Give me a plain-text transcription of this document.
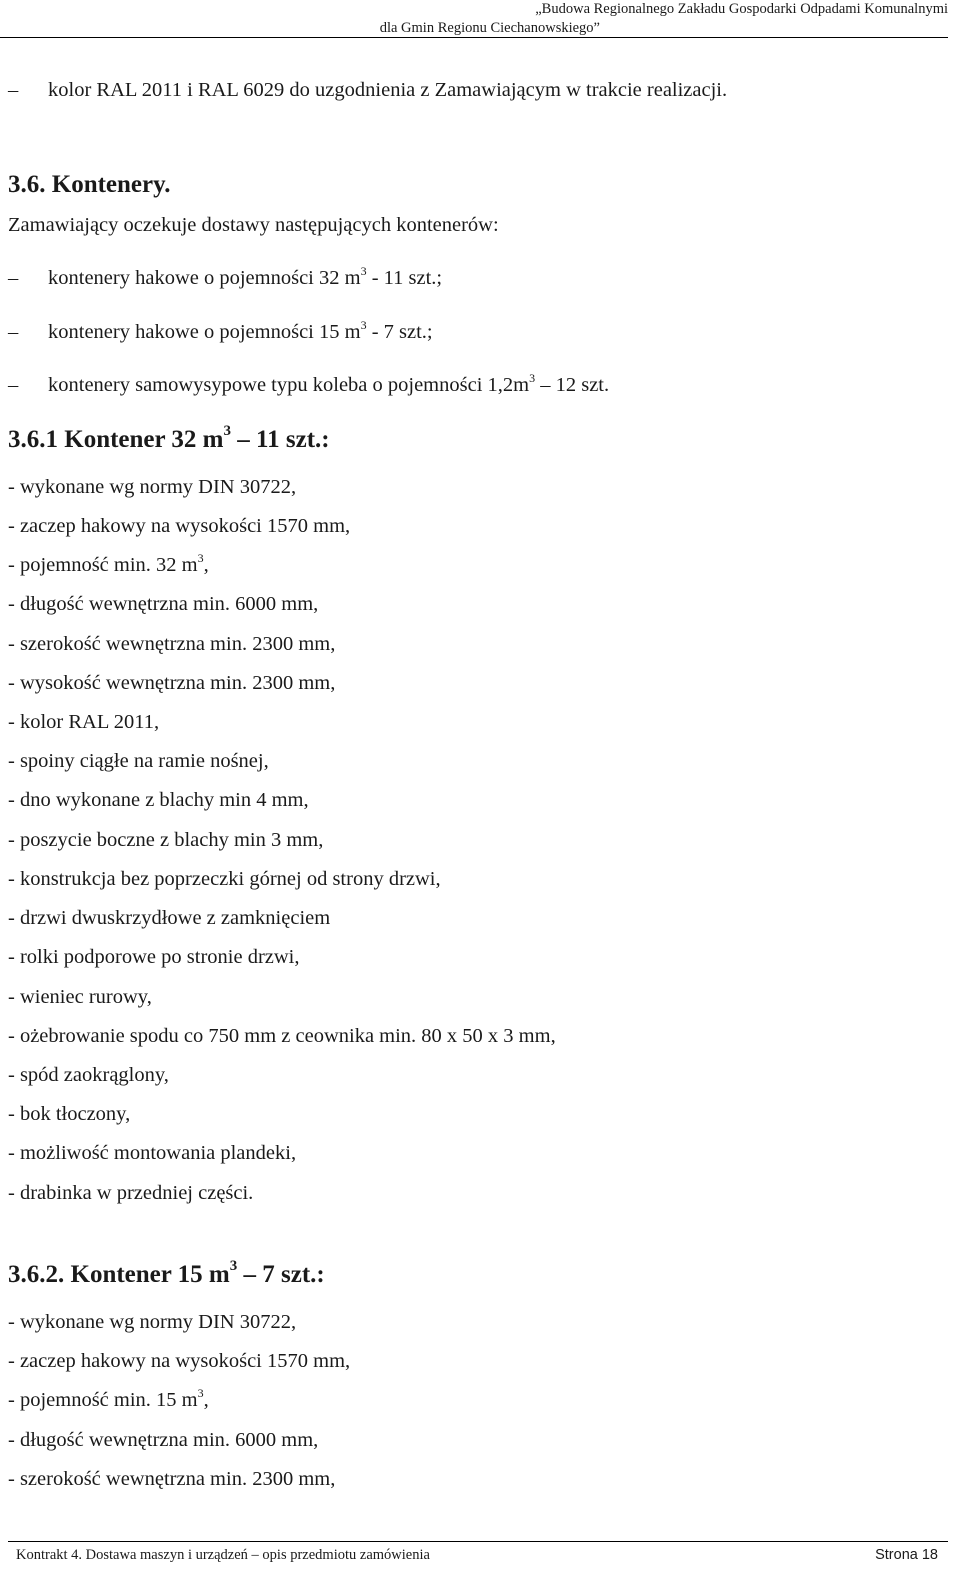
„Budowa Regionalnego Zakładu Gospodarki Odpadami Komunalnymi
dla Gmin Regionu Ciechanowskiego”
– kolor RAL 2011 i RAL 6029 do uzgodnienia z Zamawiającym w trakcie realizacji.
3.6. Kontenery.
Zamawiający oczekuje dostawy następujących kontenerów:
– kontenery hakowe o pojemności 32 $m^3 - 11$ szt.;
– kontenery hakowe o pojemności 15 $m^3 - 7$ szt.;
– kontenery samowysypowe typu koleba o pojemności $1,2m^3 - 12$ szt.
3.6.1 Kontener 32 $m^3 - 11$ szt.:
- wykonane wg normy DIN 30722,
- zaczep hakowy na wysokości 1570 mm,
- pojemność min. 32 $m^3$,
- długość wewnętrzna min. 6000 mm,
- szerokość wewnętrzna min. 2300 mm,
- wysokość wewnętrzna min. 2300 mm,
- kolor RAL 2011,
- spoiny ciągłe na ramie nośnej,
- dno wykonane z blachy min 4 mm,
- poszycie boczne z blachy min 3 mm,
- konstrukcja bez poprzeczki górnej od strony drzwi,
- drzwi dwuskrzydłowe z zamknięciem
- rolki podporowe po stronie drzwi,
- wieniec rurowy,
- ożebrowanie spodu co 750 mm z ceownika min. 80 x 50 x 3 mm,
- spód zaokrąglony,
- bok tłoczony,
- możliwość montowania plandeki,
- drabinka w przedniej części.
3.6.2. Kontener 15 $m^3 - 7$ szt.:
- wykonane wg normy DIN 30722,
- zaczep hakowy na wysokości 1570 mm,
- pojemność min. 15 $m^3$,
- długość wewnętrzna min. 6000 mm,
- szerokość wewnętrzna min. 2300 mm,
Kontrakt 4. Dostawa maszyn i urządzeń – opis przedmiotu zamówienia	Strona 18
